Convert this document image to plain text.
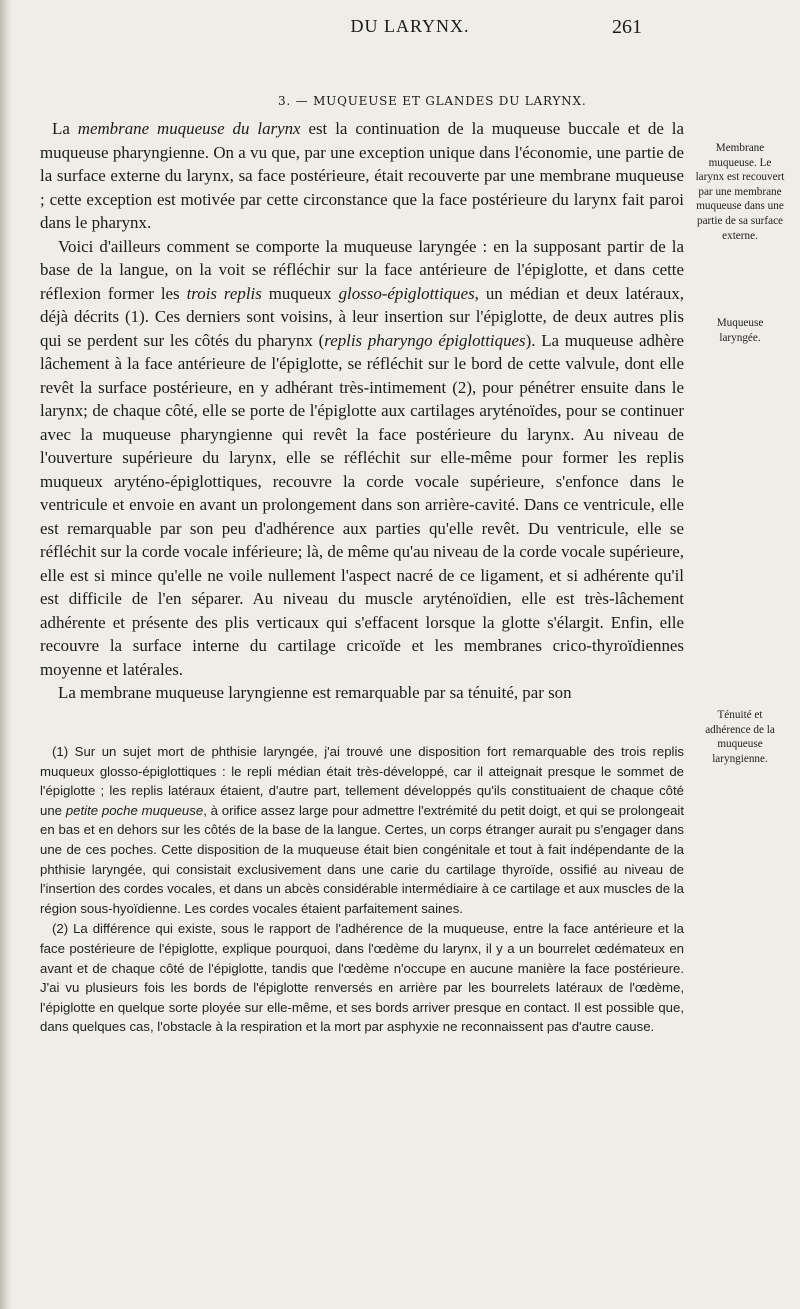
DU LARYNX.	261
3. — MUQUEUSE ET GLANDES DU LARYNX.

La membrane muqueuse du larynx est la continuation de la muqueuse buccale et de la muqueuse pharyngienne. On a vu que, par une exception unique dans l'économie, une partie de la surface externe du larynx, sa face postérieure, était recouverte par une membrane muqueuse ; cette exception est motivée par cette circonstance que la face postérieure du larynx fait paroi dans le pharynx.

Voici d'ailleurs comment se comporte la muqueuse laryngée : en la supposant partir de la base de la langue, on la voit se réfléchir sur la face antérieure de l'épiglotte, et dans cette réflexion former les trois replis muqueux glosso-épiglottiques, un médian et deux latéraux, déjà décrits (1). Ces derniers sont voisins, à leur insertion sur l'épiglotte, de deux autres plis qui se perdent sur les côtés du pharynx (replis pharyngo épiglottiques). La muqueuse adhère lâchement à la face antérieure de l'épiglotte, se réfléchit sur le bord de cette valvule, dont elle revêt la surface postérieure, en y adhérant très-intimement (2), pour pénétrer ensuite dans le larynx; de chaque côté, elle se porte de l'épiglotte aux cartilages aryténoïdes, pour se continuer avec la muqueuse pharyngienne qui revêt la face postérieure du larynx. Au niveau de l'ouverture supérieure du larynx, elle se réfléchit sur elle-même pour former les replis muqueux aryténo-épiglottiques, recouvre la corde vocale supérieure, s'enfonce dans le ventricule et envoie en avant un prolongement dans son arrière-cavité. Dans ce ventricule, elle est remarquable par son peu d'adhérence aux parties qu'elle revêt. Du ventricule, elle se réfléchit sur la corde vocale inférieure; là, de même qu'au niveau de la corde vocale supérieure, elle est si mince qu'elle ne voile nullement l'aspect nacré de ce ligament, et si adhérente qu'il est difficile de l'en séparer. Au niveau du muscle aryténoïdien, elle est très-lâchement adhérente et présente des plis verticaux qui s'effacent lorsque la glotte s'élargit. Enfin, elle recouvre la surface interne du cartilage cricoïde et les membranes crico-thyroïdiennes moyenne et latérales.

La membrane muqueuse laryngienne est remarquable par sa ténuité, par son

(1) Sur un sujet mort de phthisie laryngée, j'ai trouvé une disposition fort remarquable des trois replis muqueux glosso-épiglottiques : le repli médian était très-développé, car il atteignait presque le sommet de l'épiglotte ; les replis latéraux étaient, d'autre part, tellement développés qu'ils constituaient de chaque côté une petite poche muqueuse, à orifice assez large pour admettre l'extrémité du petit doigt, et qui se prolongeait en bas et en dehors sur les côtés de la base de la langue. Certes, un corps étranger aurait pu s'engager dans une de ces poches. Cette disposition de la muqueuse était bien congénitale et tout à fait indépendante de la phthisie laryngée, qui consistait exclusivement dans une carie du cartilage thyroïde, ossifié au niveau de l'insertion des cordes vocales, et dans un abcès considérable intermédiaire à ce cartilage et aux muscles de la région sous-hyoïdienne. Les cordes vocales étaient parfaitement saines.

(2) La différence qui existe, sous le rapport de l'adhérence de la muqueuse, entre la face antérieure et la face postérieure de l'épiglotte, explique pourquoi, dans l'œdème du larynx, il y a un bourrelet œdémateux en avant et de chaque côté de l'épiglotte, tandis que l'œdème n'occupe en aucune manière la face postérieure. J'ai vu plusieurs fois les bords de l'épiglotte renversés en arrière par les bourrelets latéraux de l'œdème, l'épiglotte en quelque sorte ployée sur elle-même, et ses bords arriver presque en contact. Il est possible que, dans quelques cas, l'obstacle à la respiration et la mort par asphyxie ne reconnaissent pas d'autre cause.

Membrane muqueuse. Le larynx est recouvert par une membrane muqueuse dans une partie de sa surface externe.
Muqueuse laryngée.
Ténuité et adhérence de la muqueuse laryngienne.
